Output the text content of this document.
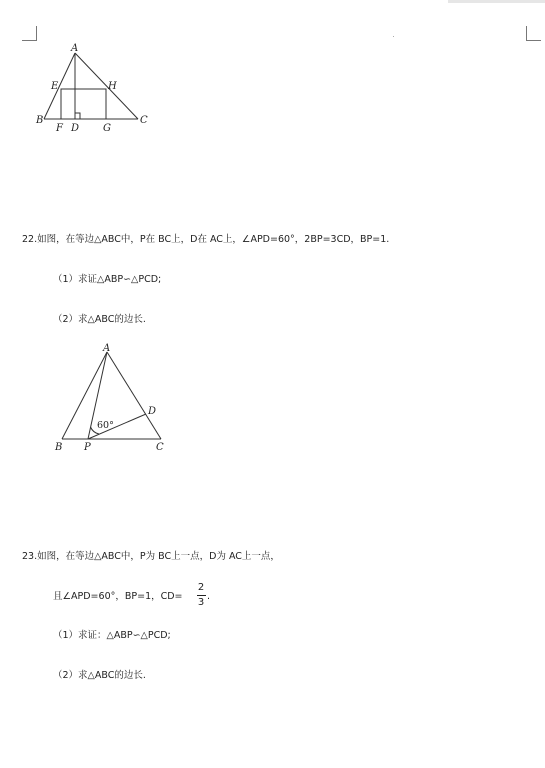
A
E	H
B
F D G
C
22.如图，在等边△ABC中，P在 BC上，D在 AC上，∠APD=60°，2BP=3CD，BP=1.
（1）求证△ABP∽△PCD;
（2）求△ABC的边长.
A
D
B P	C
60°
23.如图，在等边△ABC中，P为 BC上一点，D为 AC上一点，
且∠APD=60°，BP=1，CD=
2
3
.
（1）求证：△ABP∽△PCD;
（2）求△ABC的边长.
